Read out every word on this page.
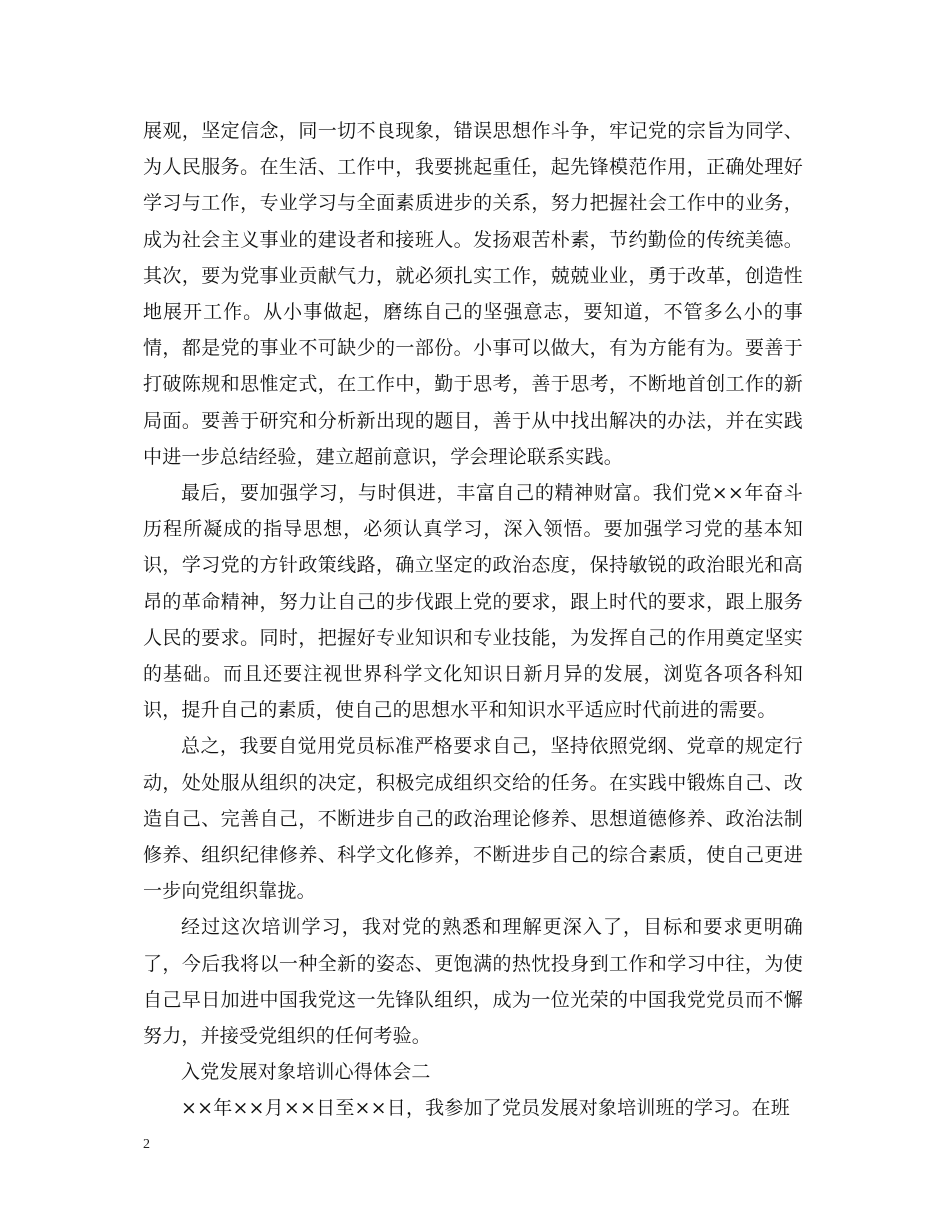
展观，坚定信念，同一切不良现象，错误思想作斗争，牢记党的宗旨为同学、为人民服务。在生活、工作中，我要挑起重任，起先锋模范作用，正确处理好学习与工作，专业学习与全面素质进步的关系，努力把握社会工作中的业务，成为社会主义事业的建设者和接班人。发扬艰苦朴素，节约勤俭的传统美德。其次，要为党事业贡献气力，就必须扎实工作，兢兢业业，勇于改革，创造性地展开工作。从小事做起，磨练自己的坚强意志，要知道，不管多么小的事情，都是党的事业不可缺少的一部份。小事可以做大，有为方能有为。要善于打破陈规和思惟定式，在工作中，勤于思考，善于思考，不断地首创工作的新局面。要善于研究和分析新出现的题目，善于从中找出解决的办法，并在实践中进一步总结经验，建立超前意识，学会理论联系实践。

最后，要加强学习，与时俱进，丰富自己的精神财富。我们党××年奋斗历程所凝成的指导思想，必须认真学习，深入领悟。要加强学习党的基本知识，学习党的方针政策线路，确立坚定的政治态度，保持敏锐的政治眼光和高昂的革命精神，努力让自己的步伐跟上党的要求，跟上时代的要求，跟上服务人民的要求。同时，把握好专业知识和专业技能，为发挥自己的作用奠定坚实的基础。而且还要注视世界科学文化知识日新月异的发展，浏览各项各科知识，提升自己的素质，使自己的思想水平和知识水平适应时代前进的需要。

总之，我要自觉用党员标准严格要求自己，坚持依照党纲、党章的规定行动，处处服从组织的决定，积极完成组织交给的任务。在实践中锻炼自己、改造自己、完善自己，不断进步自己的政治理论修养、思想道德修养、政治法制修养、组织纪律修养、科学文化修养，不断进步自己的综合素质，使自己更进一步向党组织靠拢。

经过这次培训学习，我对党的熟悉和理解更深入了，目标和要求更明确了，今后我将以一种全新的姿态、更饱满的热忱投身到工作和学习中往，为使自己早日加进中国我党这一先锋队组织，成为一位光荣的中国我党党员而不懈努力，并接受党组织的任何考验。

入党发展对象培训心得体会二

××年××月××日至××日，我参加了党员发展对象培训班的学习。在班

2
